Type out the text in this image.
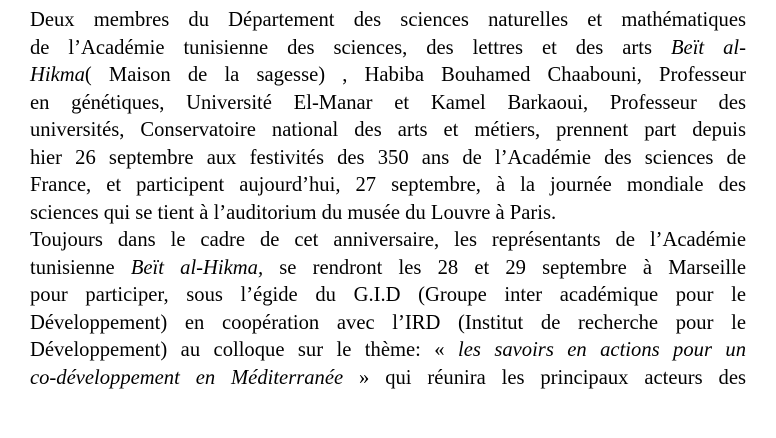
Deux membres du Département des sciences naturelles et mathématiques
de l’Académie tunisienne des sciences, des lettres et des arts Beït al-
Hikma( Maison de la sagesse) , Habiba Bouhamed Chaabouni, Professeur
en génétiques, Université El-Manar et Kamel Barkaoui, Professeur des
universités, Conservatoire national des arts et métiers, prennent part depuis
hier 26 septembre aux festivités des 350 ans de l’Académie des sciences de
France, et participent aujourd’hui, 27 septembre, à la journée mondiale des
sciences qui se tient à l’auditorium du musée du Louvre à Paris.
Toujours dans le cadre de cet anniversaire, les représentants de l’Académie
tunisienne Beït al-Hikma, se rendront les 28 et 29 septembre à Marseille
pour participer, sous l’égide du G.I.D (Groupe inter académique pour le
Développement) en coopération avec l’IRD (Institut de recherche pour le
Développement) au colloque sur le thème: « les savoirs en actions pour un
co-développement en Méditerranée » qui réunira les principaux acteurs des
